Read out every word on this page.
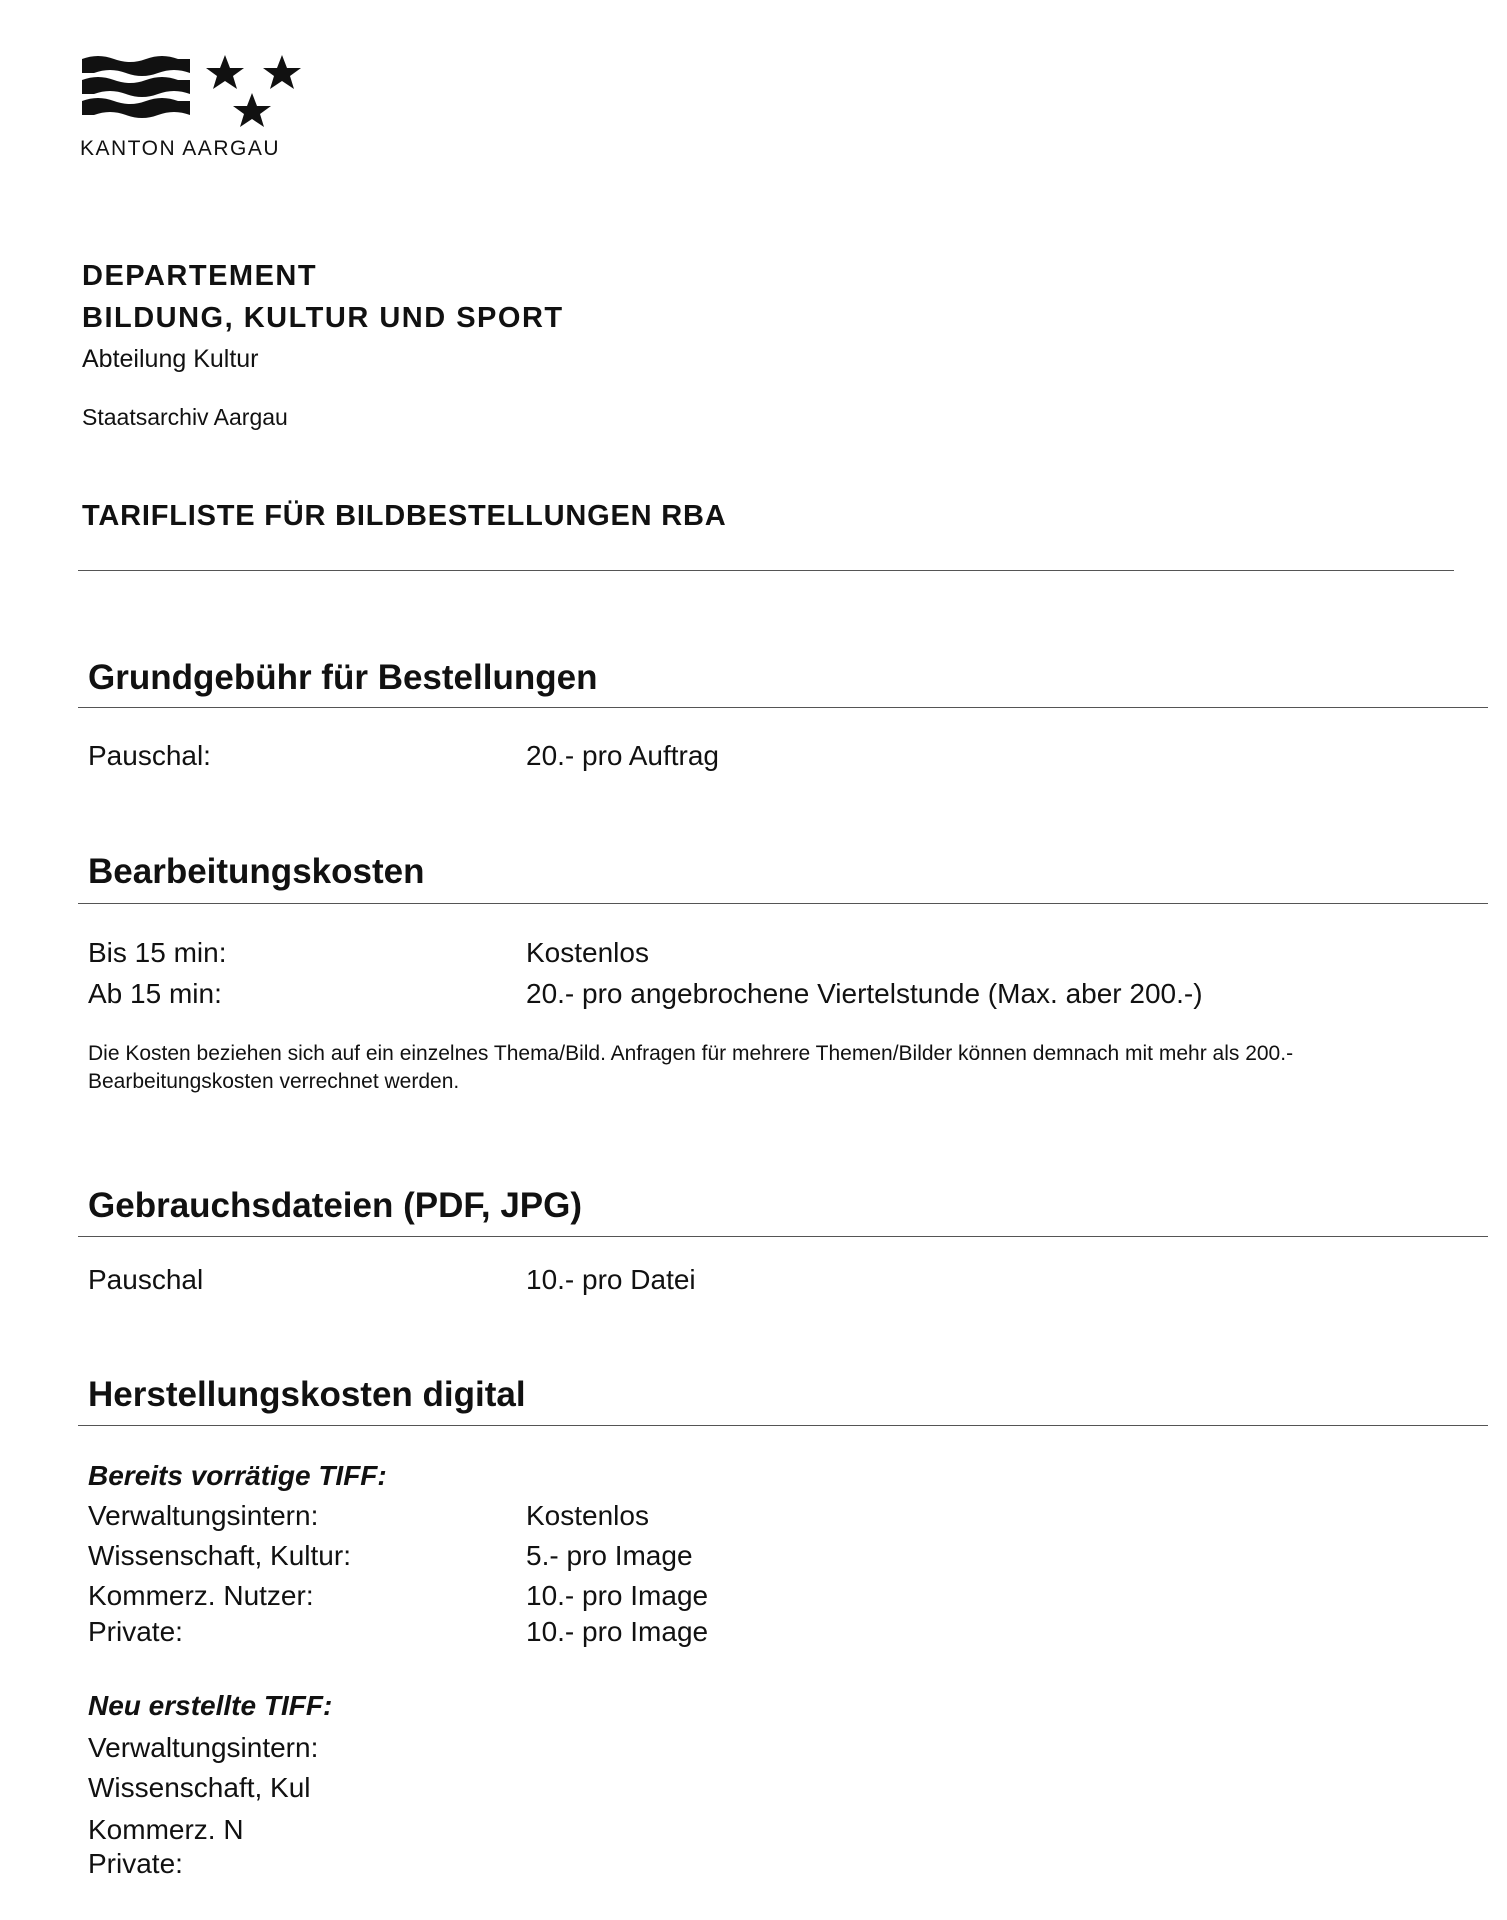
KANTON AARGAU
DEPARTEMENT
BILDUNG, KULTUR UND SPORT
Abteilung Kultur
Staatsarchiv Aargau
TARIFLISTE FÜR BILDBESTELLUNGEN RBA
Grundgebühr für Bestellungen
Pauschal:	20.- pro Auftrag
Bearbeitungskosten
Bis 15 min:	Kostenlos
Ab 15 min:	20.- pro angebrochene Viertelstunde (Max. aber 200.-)
Die Kosten beziehen sich auf ein einzelnes Thema/Bild. Anfragen für mehrere Themen/Bilder können demnach mit mehr als 200.- Bearbeitungskosten verrechnet werden.
Gebrauchsdateien (PDF, JPG)
Pauschal	10.- pro Datei
Herstellungskosten digital
Bereits vorrätige TIFF:
Verwaltungsintern:	Kostenlos
Wissenschaft, Kultur:	5.- pro Image
Kommerz. Nutzer:	10.- pro Image
Private:	10.- pro Image
Neu erstellte TIFF:
Verwaltungsintern:
Wissenschaft, Kul
Kommerz. N
Private:
